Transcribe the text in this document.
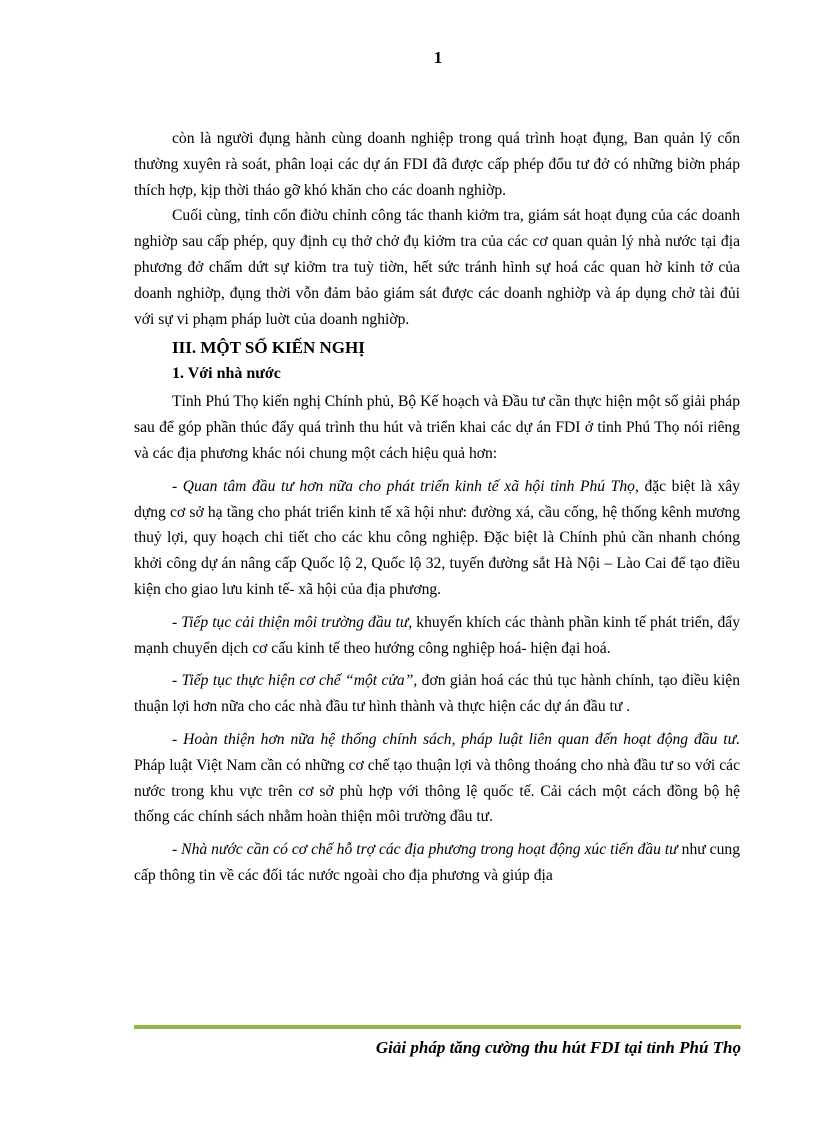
1

còn là người đụng hành cùng doanh nghiệp trong quá trình hoạt đụng, Ban quản lý cổn thường xuyên rà soát, phân loại các dự án FDI đã được cấp phép đổu tư đở có những biờn pháp thích hợp, kịp thời tháo gỡ khó khăn cho các doanh nghiờp.

Cuối cùng, tỉnh cổn điờu chỉnh công tác thanh kiởm tra, giám sát hoạt đụng của các doanh nghiờp sau cấp phép, quy định cụ thở chở đụ kiởm tra của các cơ quan quản lý nhà nước tại địa phương đở chấm dứt sự kiởm tra tuỳ tiờn, hết sức tránh hình sự hoá các quan hờ kinh tở của doanh nghiờp, đụng thời vỗn đảm bảo giám sát được các doanh nghiờp và áp dụng chở tài đủi với sự vi phạm pháp luờt của doanh nghiờp.

III. MỘT SỐ KIẾN NGHỊ

1. Với nhà nước

Tỉnh Phú Thọ kiến nghị Chính phủ, Bộ Kế hoạch và Đầu tư cần thực hiện một số giải pháp sau để góp phần thúc đẩy quá trình thu hút và triển khai các dự án FDI ở tỉnh Phú Thọ nói riêng và các địa phương khác nói chung một cách hiệu quả hơn:

- Quan tâm đầu tư hơn nữa cho phát triển kinh tế xã hội tỉnh Phú Thọ, đặc biệt là xây dựng cơ sở hạ tầng cho phát triển kinh tế xã hội như: đường xá, cầu cống, hệ thống kênh mương thuỷ lợi, quy hoạch chi tiết cho các khu công nghiệp. Đặc biệt là Chính phủ cần nhanh chóng khởi công dự án nâng cấp Quốc lộ 2, Quốc lộ 32, tuyến đường sắt Hà Nội – Lào Cai để tạo điều kiện cho giao lưu kinh tế- xã hội của địa phương.

- Tiếp tục cải thiện môi trường đầu tư, khuyến khích các thành phần kinh tế phát triển, đẩy mạnh chuyển dịch cơ cấu kinh tế theo hướng công nghiệp hoá- hiện đại hoá.

- Tiếp tục thực hiện cơ chế “một cửa”, đơn giản hoá các thủ tục hành chính, tạo điều kiện thuận lợi hơn nữa cho các nhà đầu tư hình thành và thực hiện các dự án đầu tư .

- Hoàn thiện hơn nữa hệ thống chính sách, pháp luật liên quan đến hoạt động đầu tư. Pháp luật Việt Nam cần có những cơ chế tạo thuận lợi và thông thoáng cho nhà đầu tư so với các nước trong khu vực trên cơ sở phù hợp với thông lệ quốc tế. Cải cách một cách đồng bộ hệ thống các chính sách nhằm hoàn thiện môi trường đầu tư.

- Nhà nước cần có cơ chế hỗ trợ các địa phương trong hoạt động xúc tiến đầu tư như cung cấp thông tin về các đối tác nước ngoài cho địa phương và giúp địa

Giải pháp tăng cường thu hút FDI tại tỉnh Phú Thọ
